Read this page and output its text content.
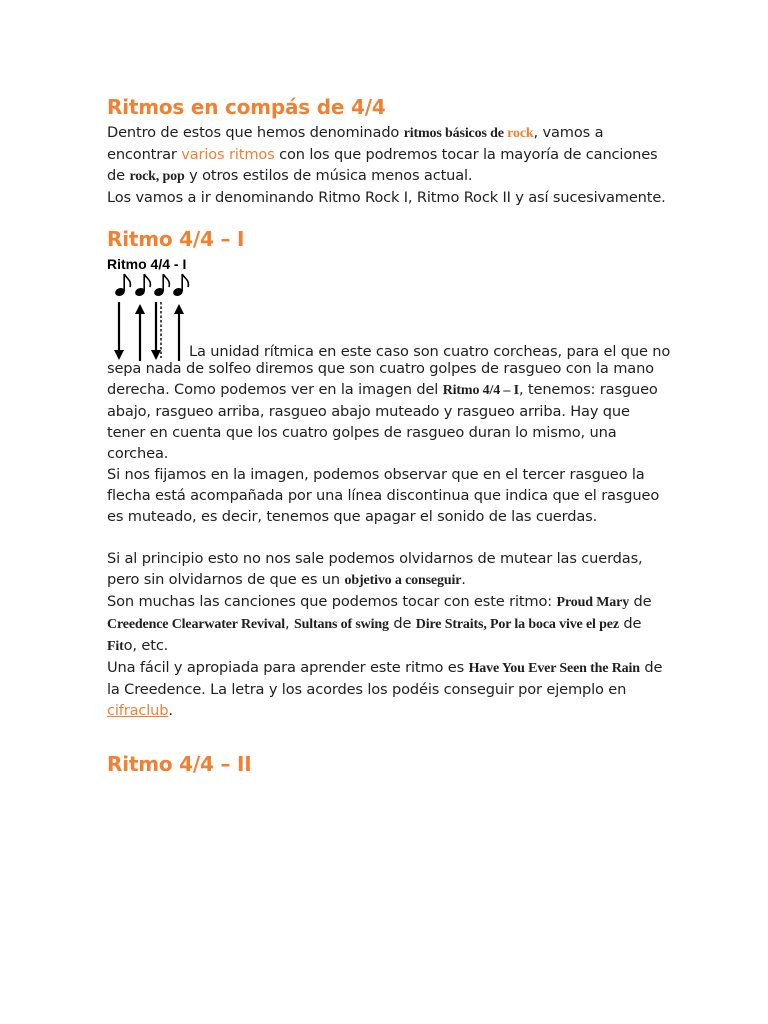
Ritmos en compás de 4/4

Dentro de estos que hemos denominado ritmos básicos de rock, vamos a encontrar varios ritmos con los que podremos tocar la mayoría de canciones de rock, pop y otros estilos de música menos actual.

Los vamos a ir denominando Ritmo Rock I, Ritmo Rock II y así sucesivamente.

Ritmo 4/4 – I
Ritmo 4/4 - I
La unidad rítmica en este caso son cuatro corcheas, para el que no

sepa nada de solfeo diremos que son cuatro golpes de rasgueo con la mano derecha. Como podemos ver en la imagen del Ritmo 4/4 – I, tenemos: rasgueo abajo, rasgueo arriba, rasgueo abajo muteado y rasgueo arriba. Hay que tener en cuenta que los cuatro golpes de rasgueo duran lo mismo, una corchea.

Si nos fijamos en la imagen, podemos observar que en el tercer rasgueo la flecha está acompañada por una línea discontinua que indica que el rasgueo es muteado, es decir, tenemos que apagar el sonido de las cuerdas.

Si al principio esto no nos sale podemos olvidarnos de mutear las cuerdas, pero sin olvidarnos de que es un objetivo a conseguir.

Son muchas las canciones que podemos tocar con este ritmo: Proud Mary de Creedence Clearwater Revival, Sultans of swing de Dire Straits, Por la boca vive el pez de Fito, etc.

Una fácil y apropiada para aprender este ritmo es Have You Ever Seen the Rain de la Creedence. La letra y los acordes los podéis conseguir por ejemplo en cifraclub.

Ritmo 4/4 – II
